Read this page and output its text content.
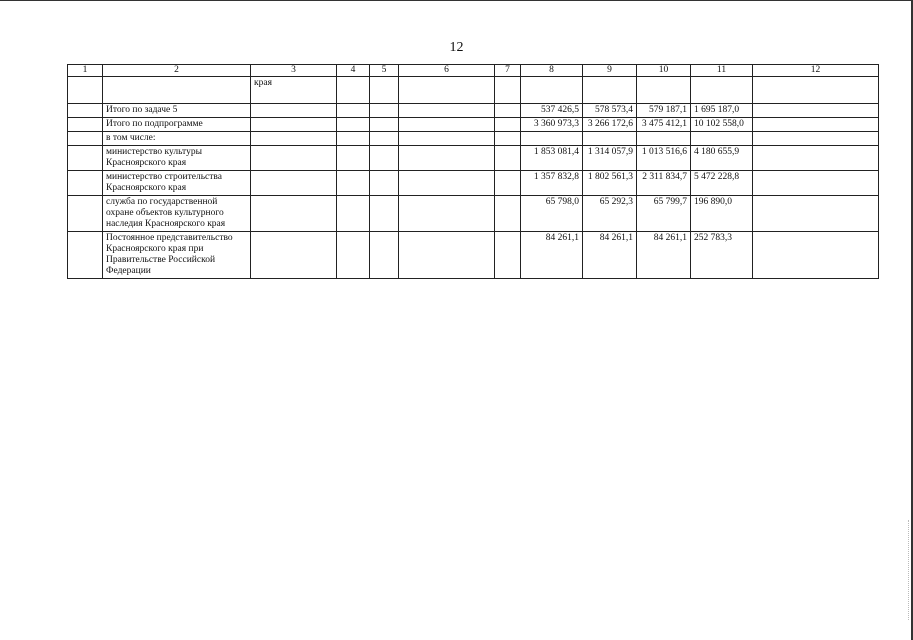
12
1	2	3	4	5	6	7	8	9	10	11	12
		края									
	Итого по задаче 5						537 426,5	578 573,4	579 187,1	1 695 187,0	
	Итого по подпрограмме						3 360 973,3	3 266 172,6	3 475 412,1	10 102 558,0	
	в том числе:										
	министерство культуры Красноярского края						1 853 081,4	1 314 057,9	1 013 516,6	4 180 655,9	
	министерство строительства Красноярского края						1 357 832,8	1 802 561,3	2 311 834,7	5 472 228,8	
	служба по государственной охране объектов культурного наследия Красноярского края						65 798,0	65 292,3	65 799,7	196 890,0	
	Постоянное представительство Красноярского края при Правительстве Российской Федерации						84 261,1	84 261,1	84 261,1	252 783,3	
